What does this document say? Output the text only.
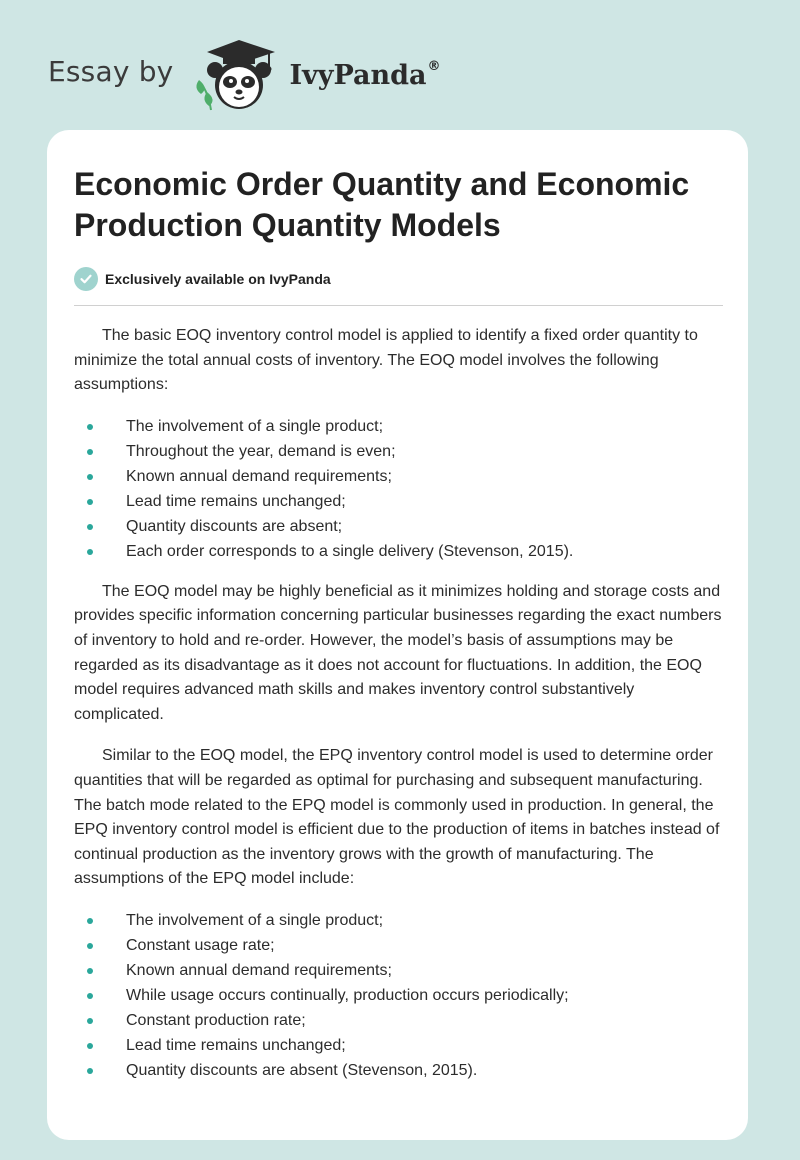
Essay by	IvyPanda®
Economic Order Quantity and Economic Production Quantity Models
Exclusively available on IvyPanda

The basic EOQ inventory control model is applied to identify a fixed order quantity to minimize the total annual costs of inventory. The EOQ model involves the following assumptions:

The involvement of a single product;
Throughout the year, demand is even;
Known annual demand requirements;
Lead time remains unchanged;
Quantity discounts are absent;
Each order corresponds to a single delivery (Stevenson, 2015).

The EOQ model may be highly beneficial as it minimizes holding and storage costs and provides specific information concerning particular businesses regarding the exact numbers of inventory to hold and re-order. However, the model’s basis of assumptions may be regarded as its disadvantage as it does not account for fluctuations. In addition, the EOQ model requires advanced math skills and makes inventory control substantively complicated.

Similar to the EOQ model, the EPQ inventory control model is used to determine order quantities that will be regarded as optimal for purchasing and subsequent manufacturing. The batch mode related to the EPQ model is commonly used in production. In general, the EPQ inventory control model is efficient due to the production of items in batches instead of continual production as the inventory grows with the growth of manufacturing. The assumptions of the EPQ model include:

The involvement of a single product;
Constant usage rate;
Known annual demand requirements;
While usage occurs continually, production occurs periodically;
Constant production rate;
Lead time remains unchanged;
Quantity discounts are absent (Stevenson, 2015).
